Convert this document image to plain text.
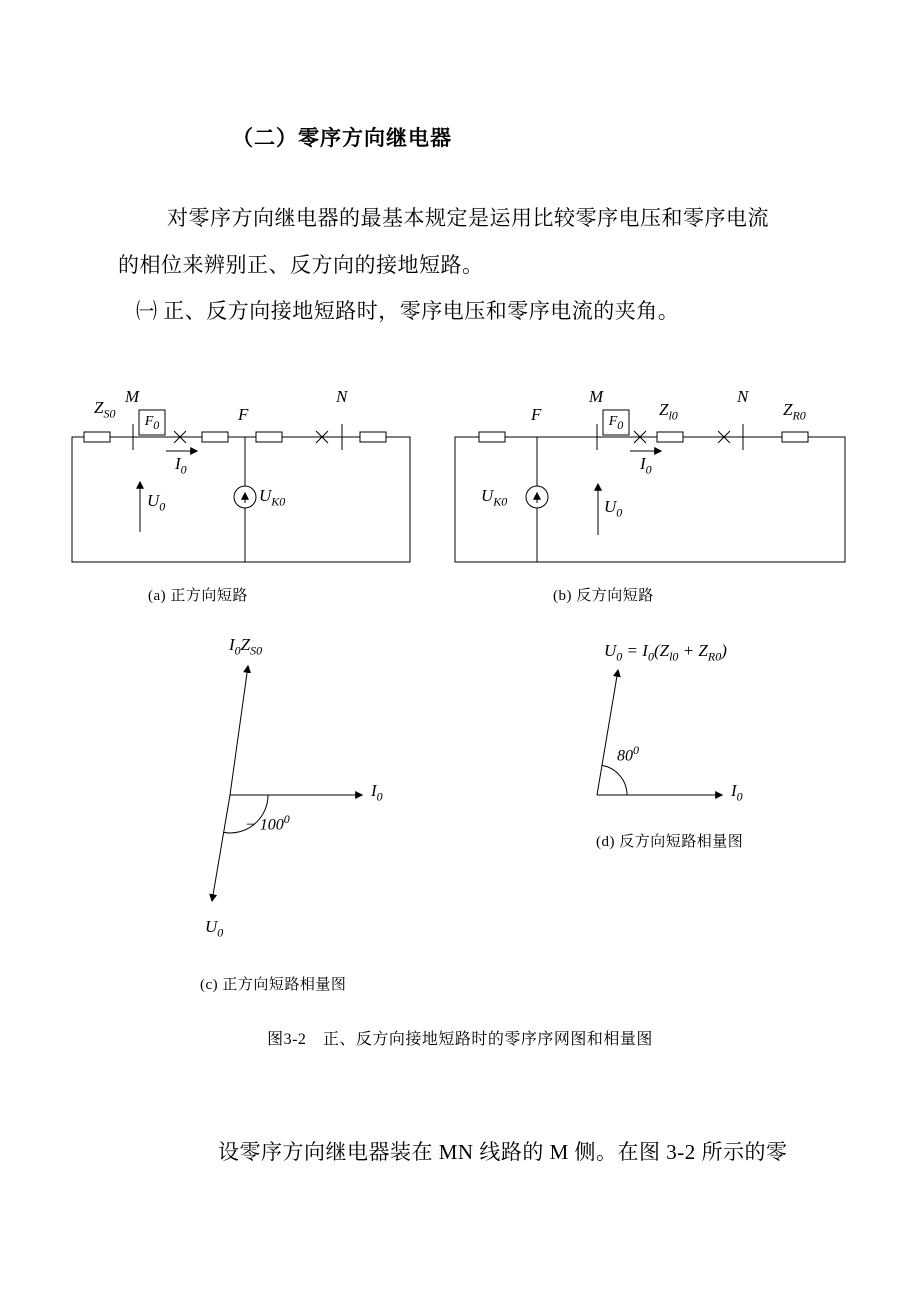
（二）零序方向继电器
对零序方向继电器的最基本规定是运用比较零序电压和零序电流
的相位来辨别正、反方向的接地短路。
㈠ 正、反方向接地短路时，零序电压和零序电流的夹角。
$Z_{S0}$
M
$F_0$
F
N
$I_0$
$U_0$
$U_{K0}$
F
M
$F_0$
$Z_{l0}$
N
$Z_{R0}$
$I_0$
$U_{K0}$	$U_0$
(a) 正方向短路	(b) 反方向短路
$I_0Z_{S0}$
$I_0$
$U_0$
− $100^0$
$U_0 = I_0(Z_{l0} + Z_{R0})$
$I_0$
$80^0$
(d) 反方向短路相量图
(c) 正方向短路相量图
图3-2　正、反方向接地短路时的零序序网图和相量图
设零序方向继电器装在 MN 线路的 M 侧。在图 3-2 所示的零
